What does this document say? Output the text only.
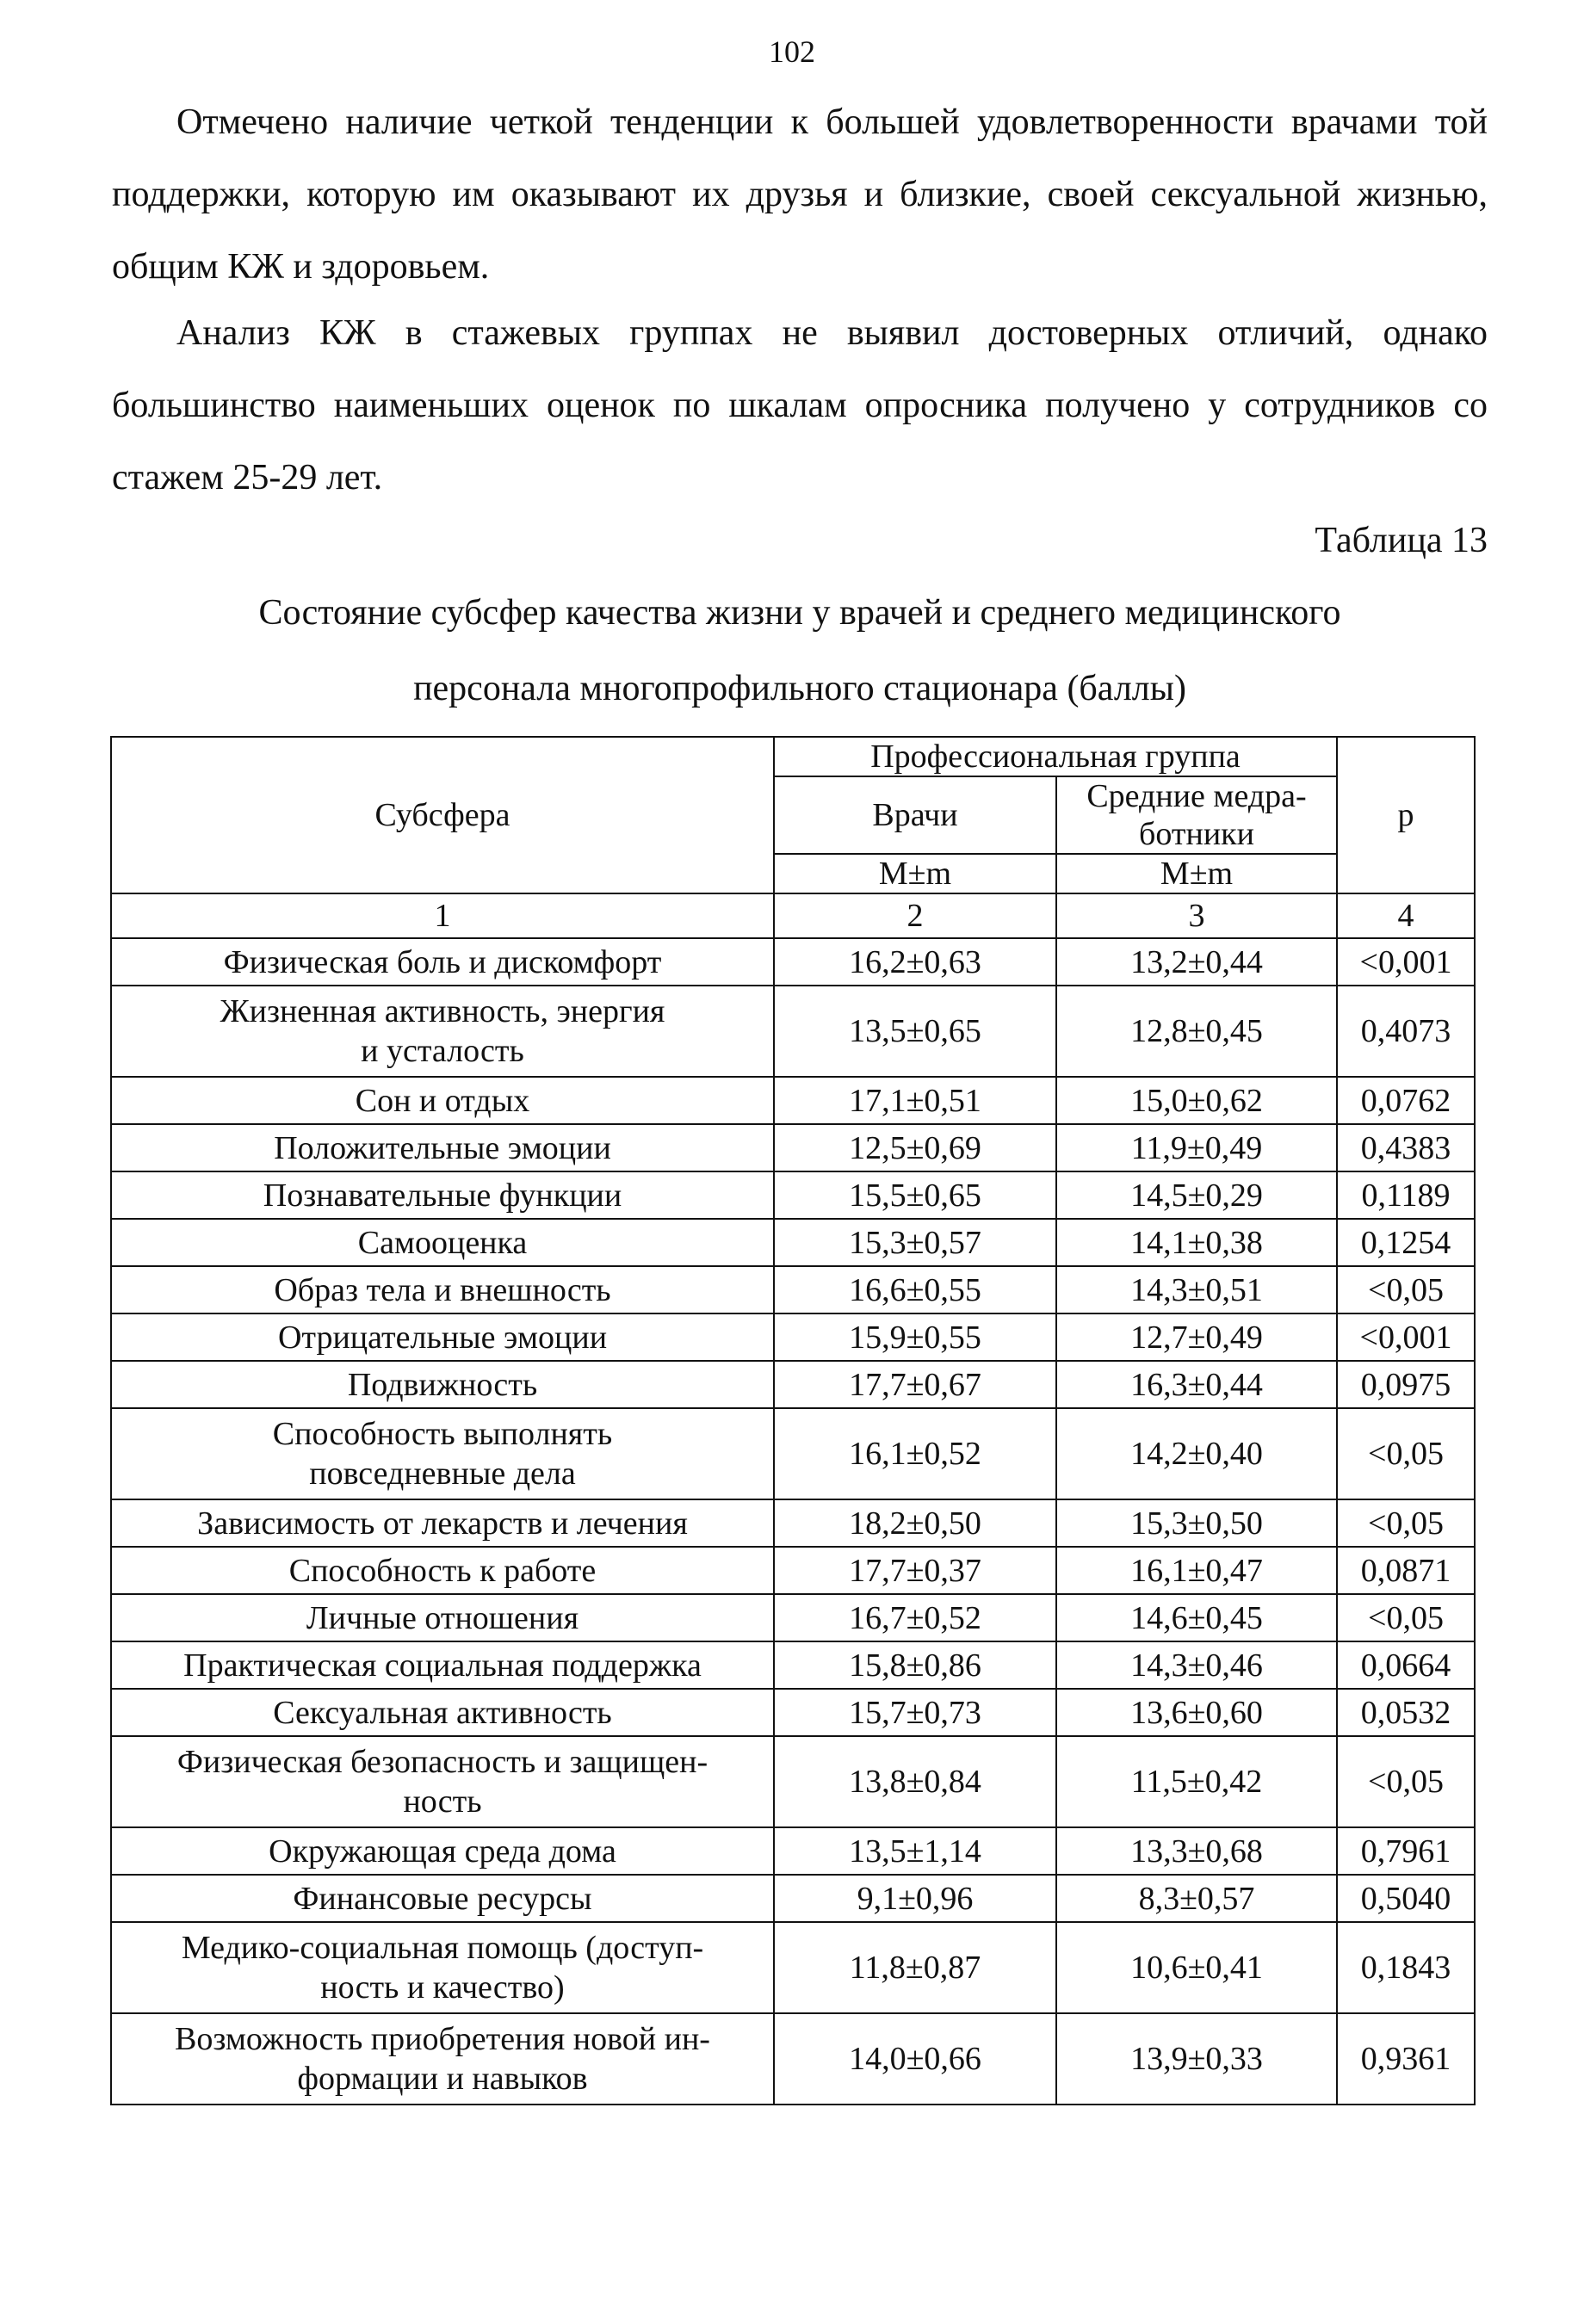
102

Отмечено наличие четкой тенденции к большей удовлетворенности врачами той поддержки, которую им оказывают их друзья и близкие, своей сексуальной жизнью, общим КЖ и здоровьем.

Анализ КЖ в стажевых группах не выявил достоверных отличий, однако большинство наименьших оценок по шкалам опросника получено у сотрудников со стажем 25-29 лет.

Таблица 13
Состояние субсфер качества жизни у врачей и среднего медицинского
персонала многопрофильного стационара (баллы)
Субсфера	Профессиональная группа		p
	Врачи	Средние медра-
ботники	

	M±m	M±m	
1	2	3	4
Физическая боль и дискомфорт	16,2±0,63	13,2±0,44	<0,001
Жизненная активность, энергия
и усталость	13,5±0,65	12,8±0,45	0,4073
Сон и отдых	17,1±0,51	15,0±0,62	0,0762
Положительные эмоции	12,5±0,69	11,9±0,49	0,4383
Познавательные функции	15,5±0,65	14,5±0,29	0,1189
Самооценка	15,3±0,57	14,1±0,38	0,1254
Образ тела и внешность	16,6±0,55	14,3±0,51	<0,05
Отрицательные эмоции	15,9±0,55	12,7±0,49	<0,001
Подвижность	17,7±0,67	16,3±0,44	0,0975
Способность выполнять
повседневные дела	16,1±0,52	14,2±0,40	<0,05
Зависимость от лекарств и лечения	18,2±0,50	15,3±0,50	<0,05
Способность к работе	17,7±0,37	16,1±0,47	0,0871
Личные отношения	16,7±0,52	14,6±0,45	<0,05
Практическая социальная поддержка	15,8±0,86	14,3±0,46	0,0664
Сексуальная активность	15,7±0,73	13,6±0,60	0,0532
Физическая безопасность и защищен-
ность	13,8±0,84	11,5±0,42	<0,05
Окружающая среда дома	13,5±1,14	13,3±0,68	0,7961
Финансовые ресурсы	9,1±0,96	8,3±0,57	0,5040
Медико-социальная помощь (доступ-
ность и качество)	11,8±0,87	10,6±0,41	0,1843
Возможность приобретения новой ин-
формации и навыков	14,0±0,66	13,9±0,33	0,9361
